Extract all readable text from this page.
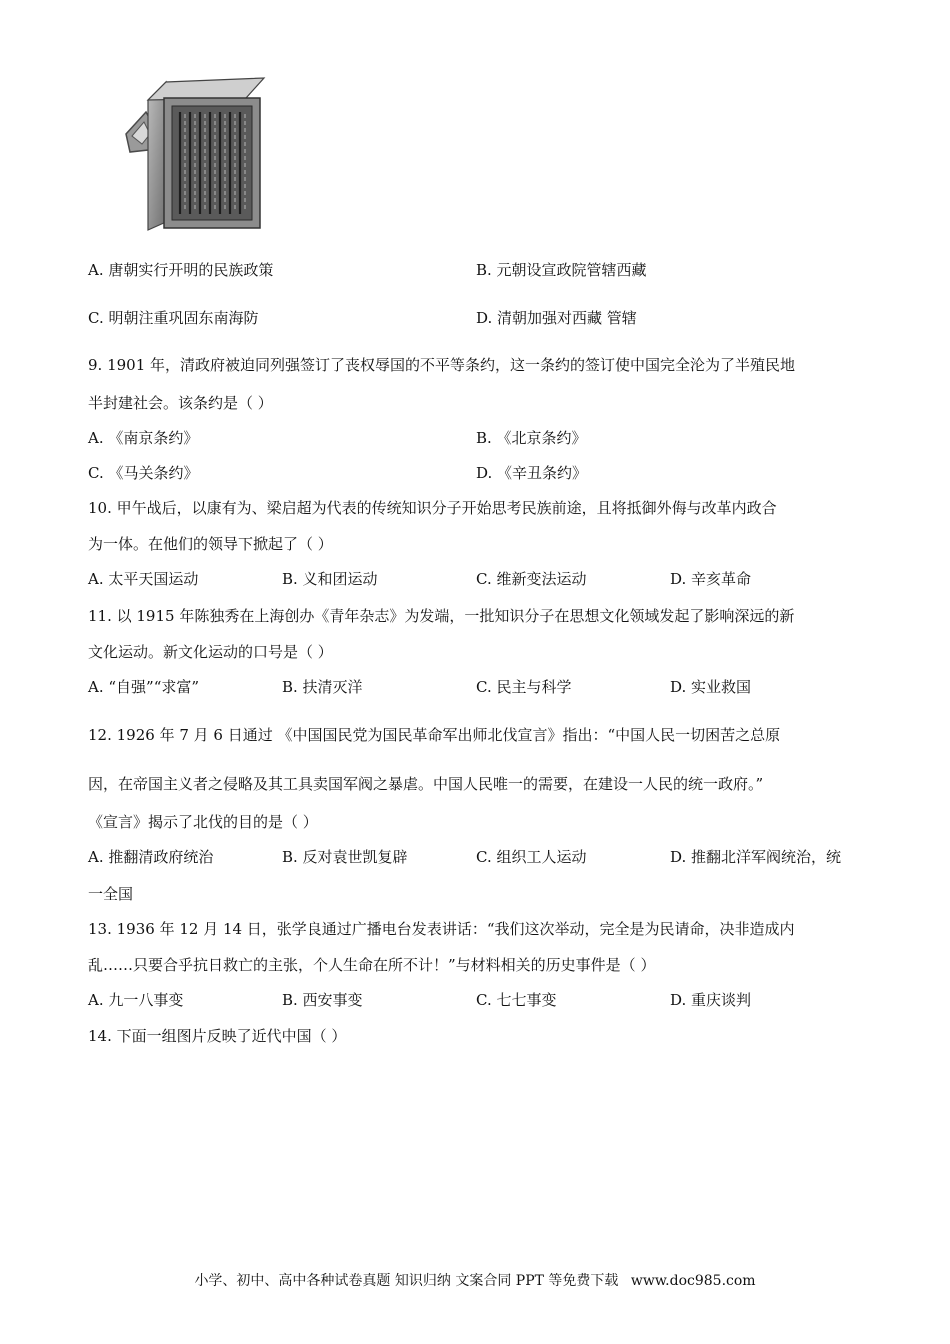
A. 唐朝实行开明的民族政策	B. 元朝设宣政院管辖西藏
C. 明朝注重巩固东南海防	D. 清朝加强对西藏 管辖
9. 1901 年，清政府被迫同列强签订了丧权辱国的不平等条约，这一条约的签订使中国完全沦为了半殖民地
半封建社会。该条约是（ ）
A. 《南京条约》	B. 《北京条约》
C. 《马关条约》	D. 《辛丑条约》
10. 甲午战后，以康有为、梁启超为代表的传统知识分子开始思考民族前途，且将抵御外侮与改革内政合
为一体。在他们的领导下掀起了（ ）
A. 太平天国运动	B. 义和团运动	C. 维新变法运动	D. 辛亥革命
11. 以 1915 年陈独秀在上海创办《青年杂志》为发端，一批知识分子在思想文化领域发起了影响深远的新
文化运动。新文化运动的口号是（ ）
A. “自强”“求富”	B. 扶清灭洋	C. 民主与科学	D. 实业救国
12. 1926 年 7 月 6 日通过 《中国国民党为国民革命军出师北伐宣言》指出：“中国人民一切困苦之总原
因，在帝国主义者之侵略及其工具卖国军阀之暴虐。中国人民唯一的需要，在建设一人民的统一政府。”
《宣言》揭示了北伐的目的是（ ）
A. 推翻清政府统治	B. 反对袁世凯复辟	C. 组织工人运动	D. 推翻北洋军阀统治，统
一全国
13. 1936 年 12 月 14 日，张学良通过广播电台发表讲话：“我们这次举动，完全是为民请命，决非造成内
乱……只要合乎抗日救亡的主张，个人生命在所不计！”与材料相关的历史事件是（ ）
A. 九一八事变	B. 西安事变	C. 七七事变	D. 重庆谈判
14. 下面一组图片反映了近代中国（ ）
小学、初中、高中各种试卷真题 知识归纳 文案合同 PPT 等免费下载 www.doc985.com
